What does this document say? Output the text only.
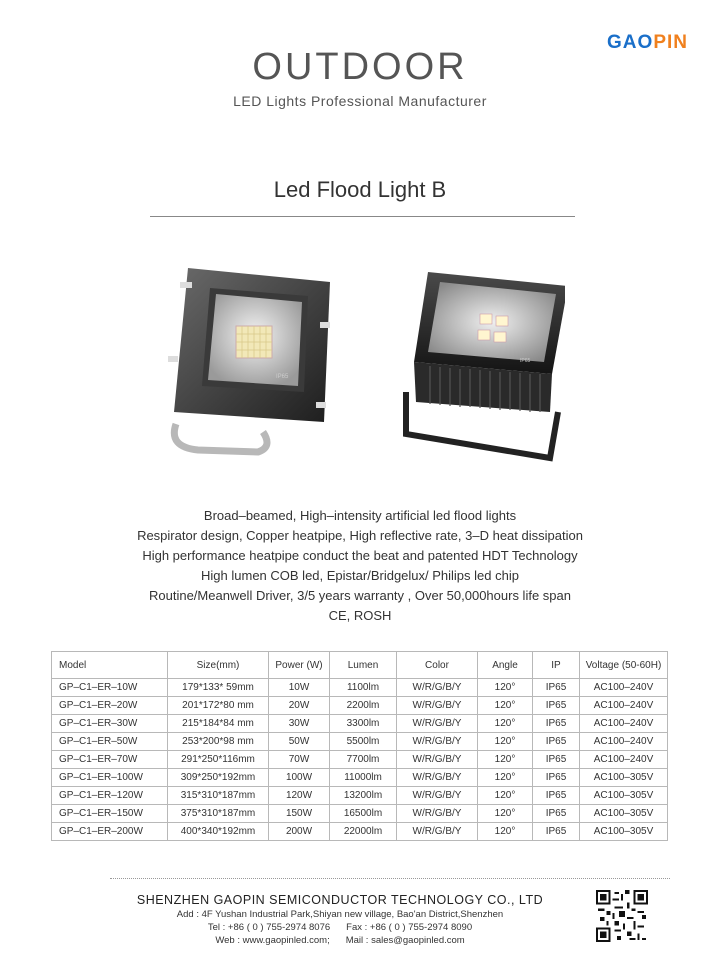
GAOPIN
OUTDOOR
LED Lights Professional Manufacturer
Led Flood Light B
IP65
IP65
Broad–beamed, High–intensity artificial led flood lights
Respirator design, Copper heatpipe, High reflective rate, 3–D heat dissipation
High performance heatpipe conduct the beat and patented HDT Technology
High lumen COB led, Epistar/Bridgelux/ Philips led chip
Routine/Meanwell Driver, 3/5 years warranty , Over 50,000hours life span
CE, ROSH
Model	Size(mm)	Power (W)	Lumen	Color	Angle	IP	Voltage (50-60H)
GP–C1–ER–10W	179*133* 59mm	10W	1100lm	W/R/G/B/Y	120°	IP65	AC100–240V
GP–C1–ER–20W	201*172*80 mm	20W	2200lm	W/R/G/B/Y	120°	IP65	AC100–240V
GP–C1–ER–30W	215*184*84 mm	30W	3300lm	W/R/G/B/Y	120°	IP65	AC100–240V
GP–C1–ER–50W	253*200*98 mm	50W	5500lm	W/R/G/B/Y	120°	IP65	AC100–240V
GP–C1–ER–70W	291*250*116mm	70W	7700lm	W/R/G/B/Y	120°	IP65	AC100–240V
GP–C1–ER–100W	309*250*192mm	100W	11000lm	W/R/G/B/Y	120°	IP65	AC100–305V
GP–C1–ER–120W	315*310*187mm	120W	13200lm	W/R/G/B/Y	120°	IP65	AC100–305V
GP–C1–ER–150W	375*310*187mm	150W	16500lm	W/R/G/B/Y	120°	IP65	AC100–305V
GP–C1–ER–200W	400*340*192mm	200W	22000lm	W/R/G/B/Y	120°	IP65	AC100–305V
SHENZHEN GAOPIN SEMICONDUCTOR TECHNOLOGY CO., LTD
Add : 4F Yushan Industrial Park,Shiyan new village, Bao'an District,Shenzhen
Tel : +86 ( 0 ) 755-2974 8076 Fax : +86 ( 0 ) 755-2974 8090
Web : www.gaopinled.com; Mail : sales@gaopinled.com
